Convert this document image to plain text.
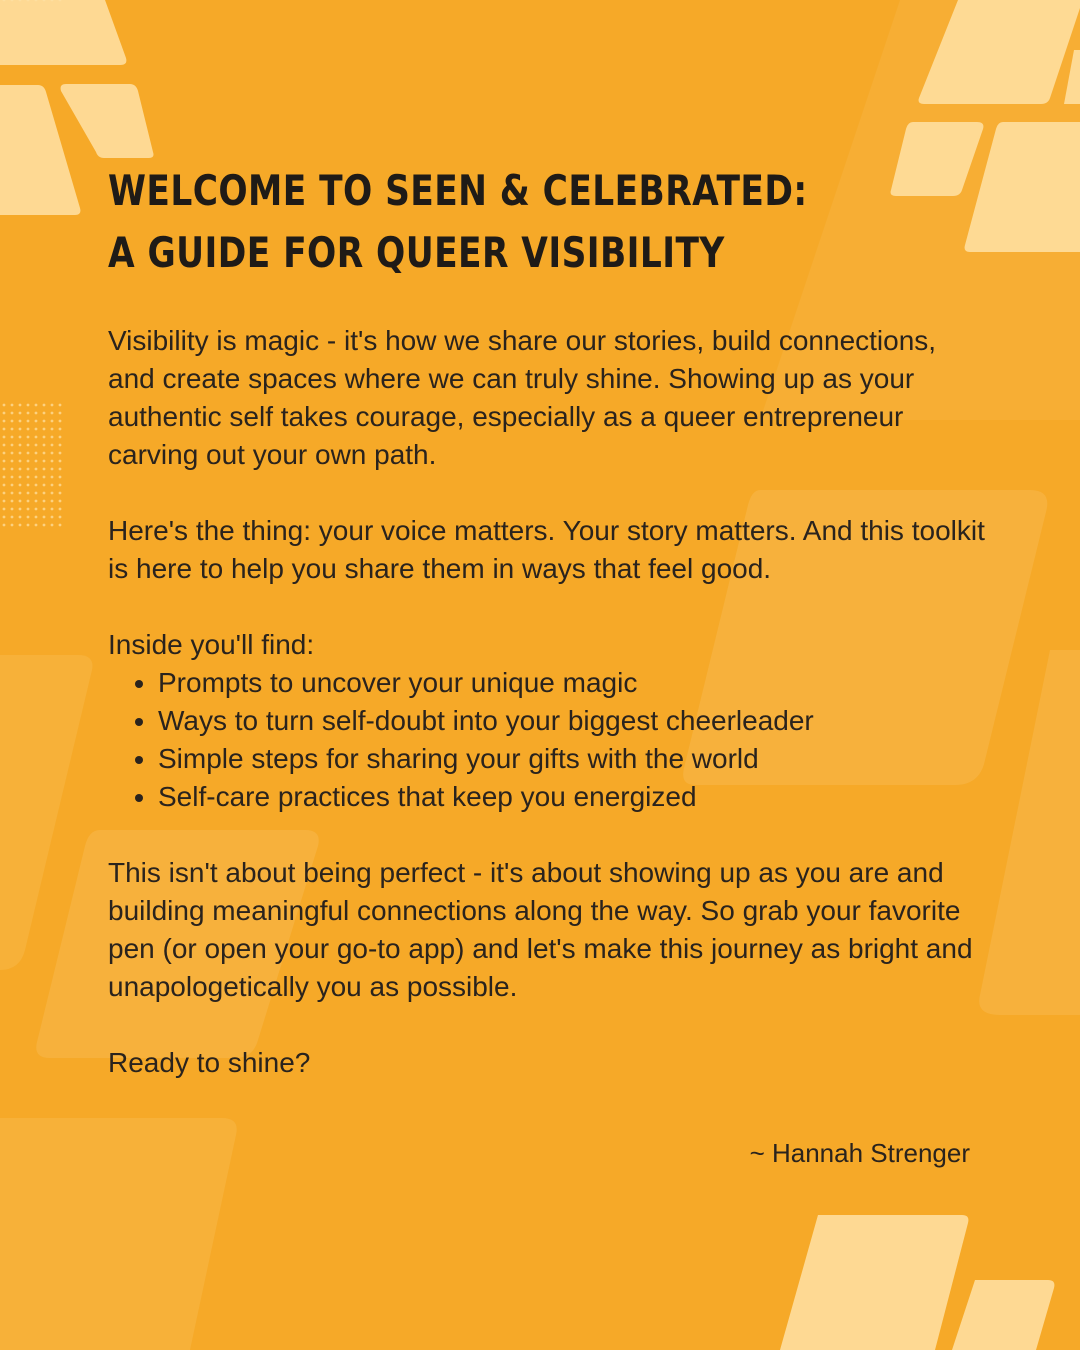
WELCOME TO SEEN & CELEBRATED:
A GUIDE FOR QUEER VISIBILITY

Visibility is magic - it's how we share our stories, build connections, and create spaces where we can truly shine. Showing up as your authentic self takes courage, especially as a queer entrepreneur carving out your own path.

Here's the thing: your voice matters. Your story matters. And this toolkit is here to help you share them in ways that feel good.

Inside you'll find:

• Prompts to uncover your unique magic
• Ways to turn self-doubt into your biggest cheerleader
• Simple steps for sharing your gifts with the world
• Self-care practices that keep you energized

This isn't about being perfect - it's about showing up as you are and building meaningful connections along the way. So grab your favorite pen (or open your go-to app) and let's make this journey as bright and unapologetically you as possible.

Ready to shine?

~ Hannah Strenger
